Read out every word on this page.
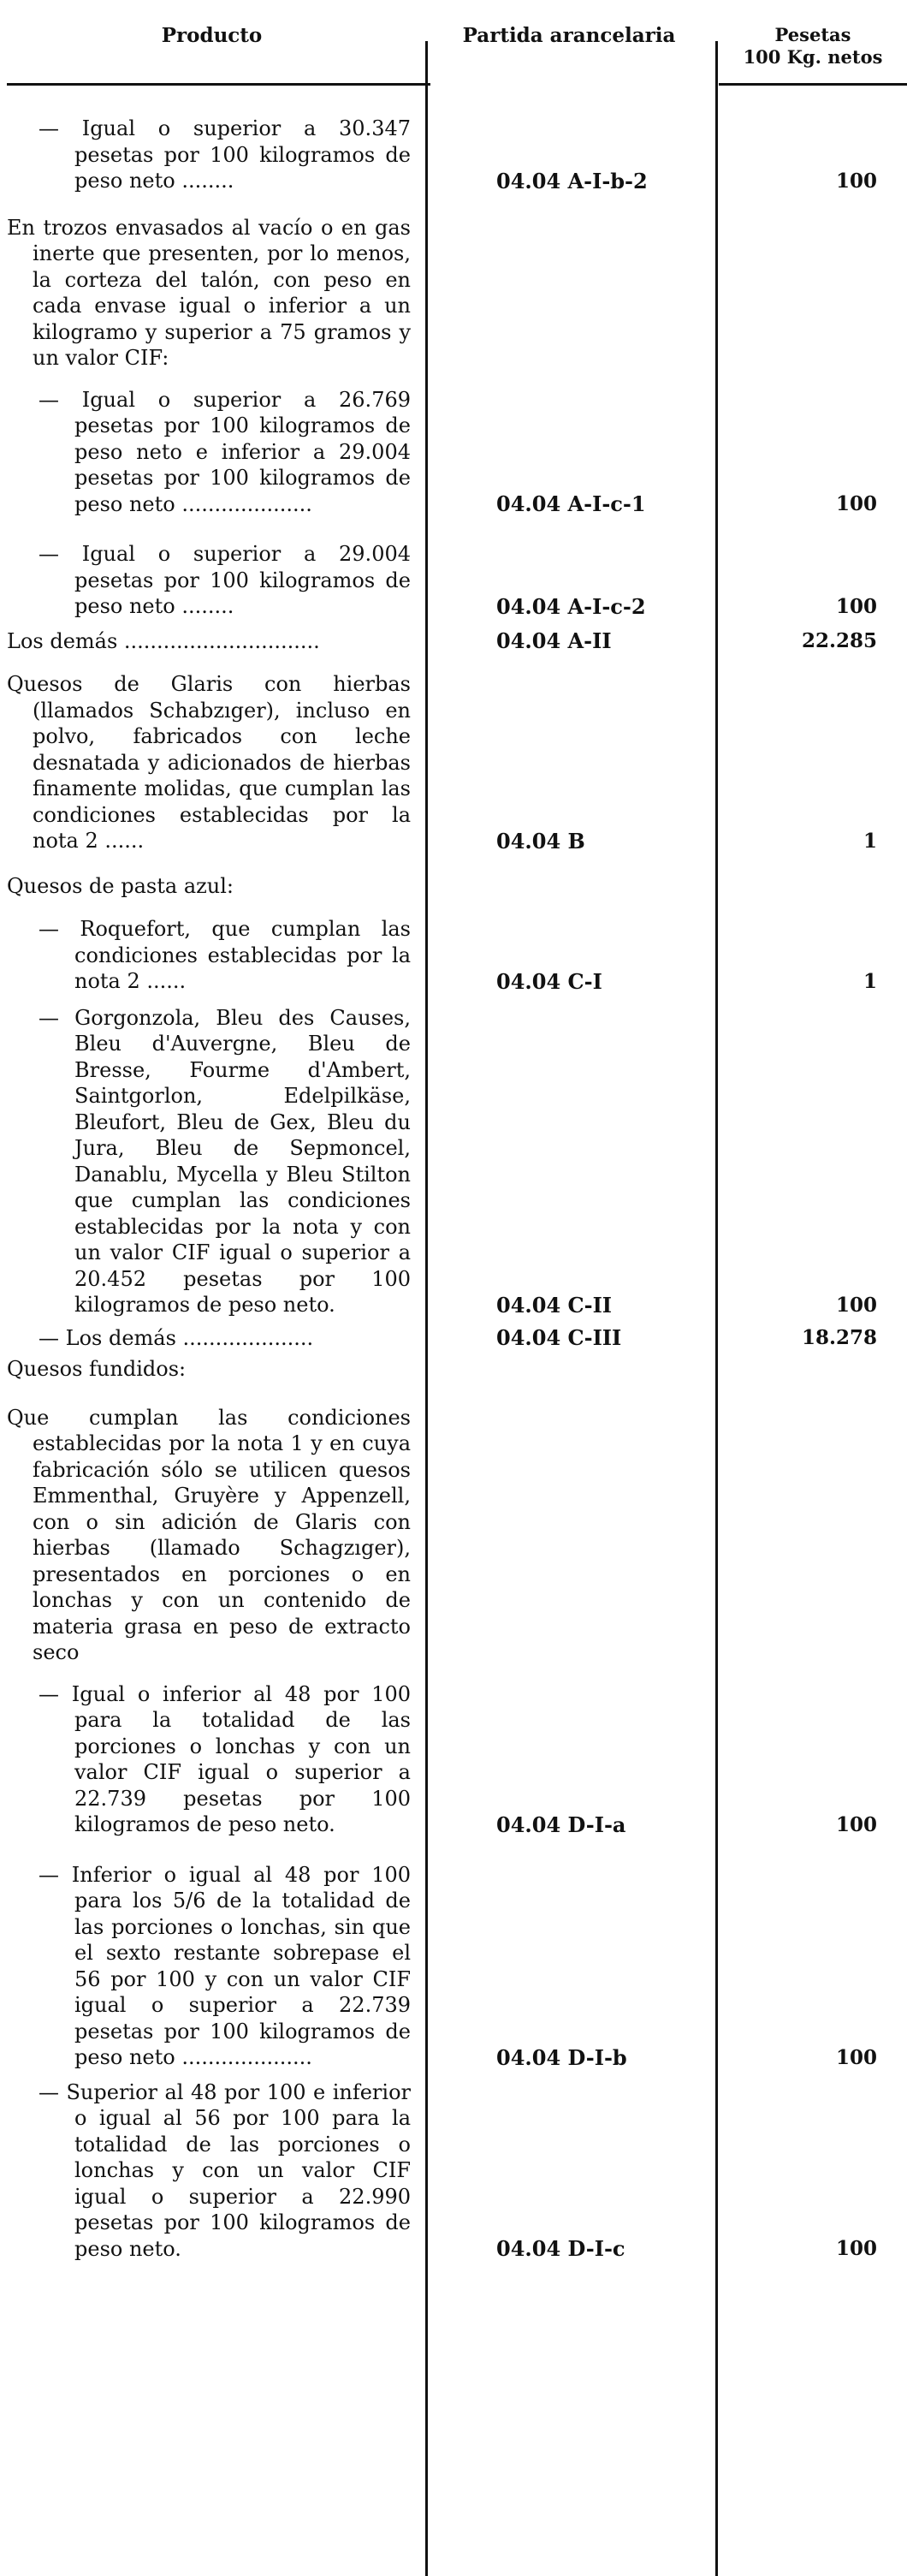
Producto	Partida arancelaria	Pesetas
100 Kg. netos
— Igual o superior a 30.347 pesetas por 100 kilogramos de peso neto ........	04.04 A-I-b-2	100
En trozos envasados al vacío o en gas inerte que presenten, por lo menos, la corteza del talón, con peso en cada envase igual o inferior a un kilogramo y superior a 75 gramos y un valor CIF:
— Igual o superior a 26.769 pesetas por 100 kilogramos de peso neto e inferior a 29.004 pesetas por 100 kilogramos de peso neto ....................	04.04 A-I-c-1	100
— Igual o superior a 29.004 pesetas por 100 kilogramos de peso neto ........	04.04 A-I-c-2	100
Los demás ..............................	04.04 A-II	22.285
Quesos de Glaris con hierbas (llamados Schabzıger), incluso en polvo, fabricados con leche desnatada y adicionados de hierbas finamente molidas, que cumplan las condiciones establecidas por la nota 2 ......	04.04 B	1
Quesos de pasta azul:
— Roquefort, que cumplan las condiciones establecidas por la nota 2 ......	04.04 C-I	1
— Gorgonzola, Bleu des Causes, Bleu d'Auvergne, Bleu de Bresse, Fourme d'Ambert, Saintgorlon, Edelpilkäse, Bleufort, Bleu de Gex, Bleu du Jura, Bleu de Sepmoncel, Danablu, Mycella y Bleu Stilton que cumplan las condiciones establecidas por la nota y con un valor CIF igual o superior a 20.452 pesetas por 100 kilogramos de peso neto.	04.04 C-II	100
— Los demás ....................	04.04 C-III	18.278
Quesos fundidos:
Que cumplan las condiciones establecidas por la nota 1 y en cuya fabricación sólo se utilicen quesos Emmenthal, Gruyère y Appenzell, con o sin adición de Glaris con hierbas (llamado Schagzıger), presentados en porciones o en lonchas y con un contenido de materia grasa en peso de extracto seco
— Igual o inferior al 48 por 100 para la totalidad de las porciones o lonchas y con un valor CIF igual o superior a 22.739 pesetas por 100 kilogramos de peso neto.	04.04 D-I-a	100
— Inferior o igual al 48 por 100 para los 5/6 de la totalidad de las porciones o lonchas, sin que el sexto restante sobrepase el 56 por 100 y con un valor CIF igual o superior a 22.739 pesetas por 100 kilogramos de peso neto ....................	04.04 D-I-b	100
— Superior al 48 por 100 e inferior o igual al 56 por 100 para la totalidad de las porciones o lonchas y con un valor CIF igual o superior a 22.990 pesetas por 100 kilogramos de peso neto.	04.04 D-I-c	100
